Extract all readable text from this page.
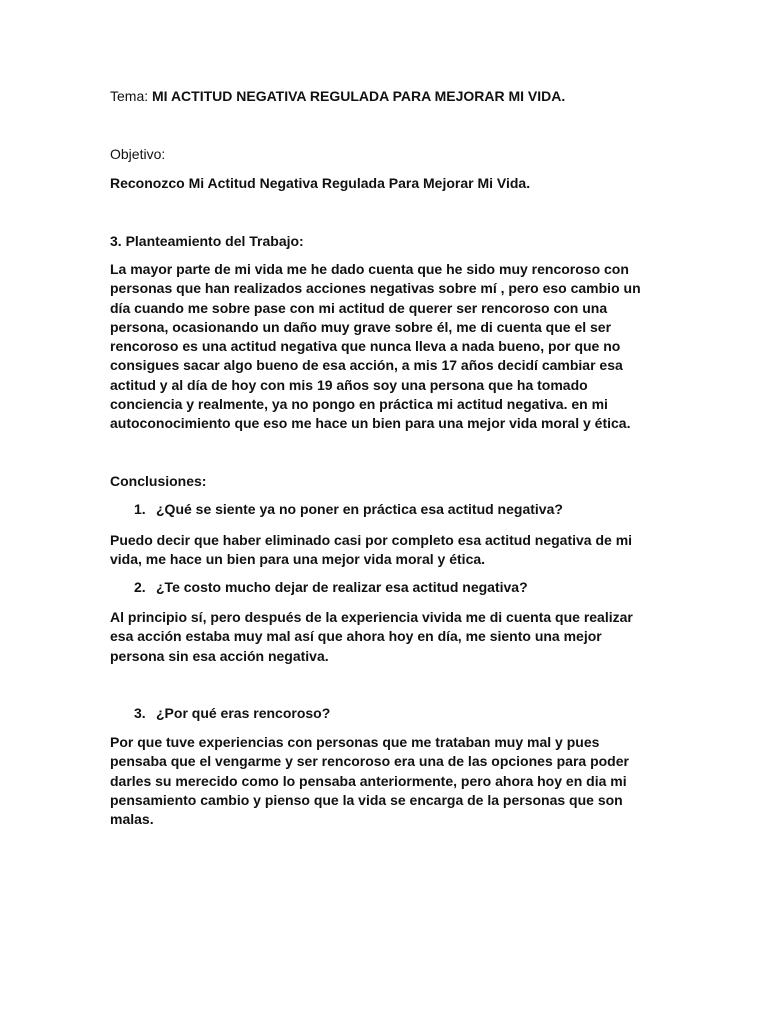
Tema: MI ACTITUD NEGATIVA REGULADA PARA MEJORAR MI VIDA.

Objetivo:

Reconozco Mi Actitud Negativa Regulada Para Mejorar Mi Vida.

3. Planteamiento del Trabajo:

La mayor parte de mi vida me he dado cuenta que he sido muy rencoroso con personas que han realizados acciones negativas sobre mí , pero eso cambio un día cuando me sobre pase con mi actitud de querer ser rencoroso con una persona, ocasionando un daño muy grave sobre él, me di cuenta que el ser rencoroso es una actitud negativa que nunca lleva a nada bueno, por que no consigues sacar algo bueno de esa acción, a mis 17 años decidí cambiar esa actitud y al día de hoy con mis 19 años soy una persona que ha tomado conciencia y realmente, ya no pongo en práctica mi actitud negativa. en mi autoconocimiento que eso me hace un bien para una mejor vida moral y ética.

Conclusiones:

1. ¿Qué se siente ya no poner en práctica esa actitud negativa?

Puedo decir que haber eliminado casi por completo esa actitud negativa de mi vida, me hace un bien para una mejor vida moral y ética.

2. ¿Te costo mucho dejar de realizar esa actitud negativa?

Al principio sí, pero después de la experiencia vivida me di cuenta que realizar esa acción estaba muy mal así que ahora hoy en día, me siento una mejor persona sin esa acción negativa.

3. ¿Por qué eras rencoroso?

Por que tuve experiencias con personas que me trataban muy mal y pues pensaba que el vengarme y ser rencoroso era una de las opciones para poder darles su merecido como lo pensaba anteriormente, pero ahora hoy en dia mi pensamiento cambio y pienso que la vida se encarga de la personas que son malas.
